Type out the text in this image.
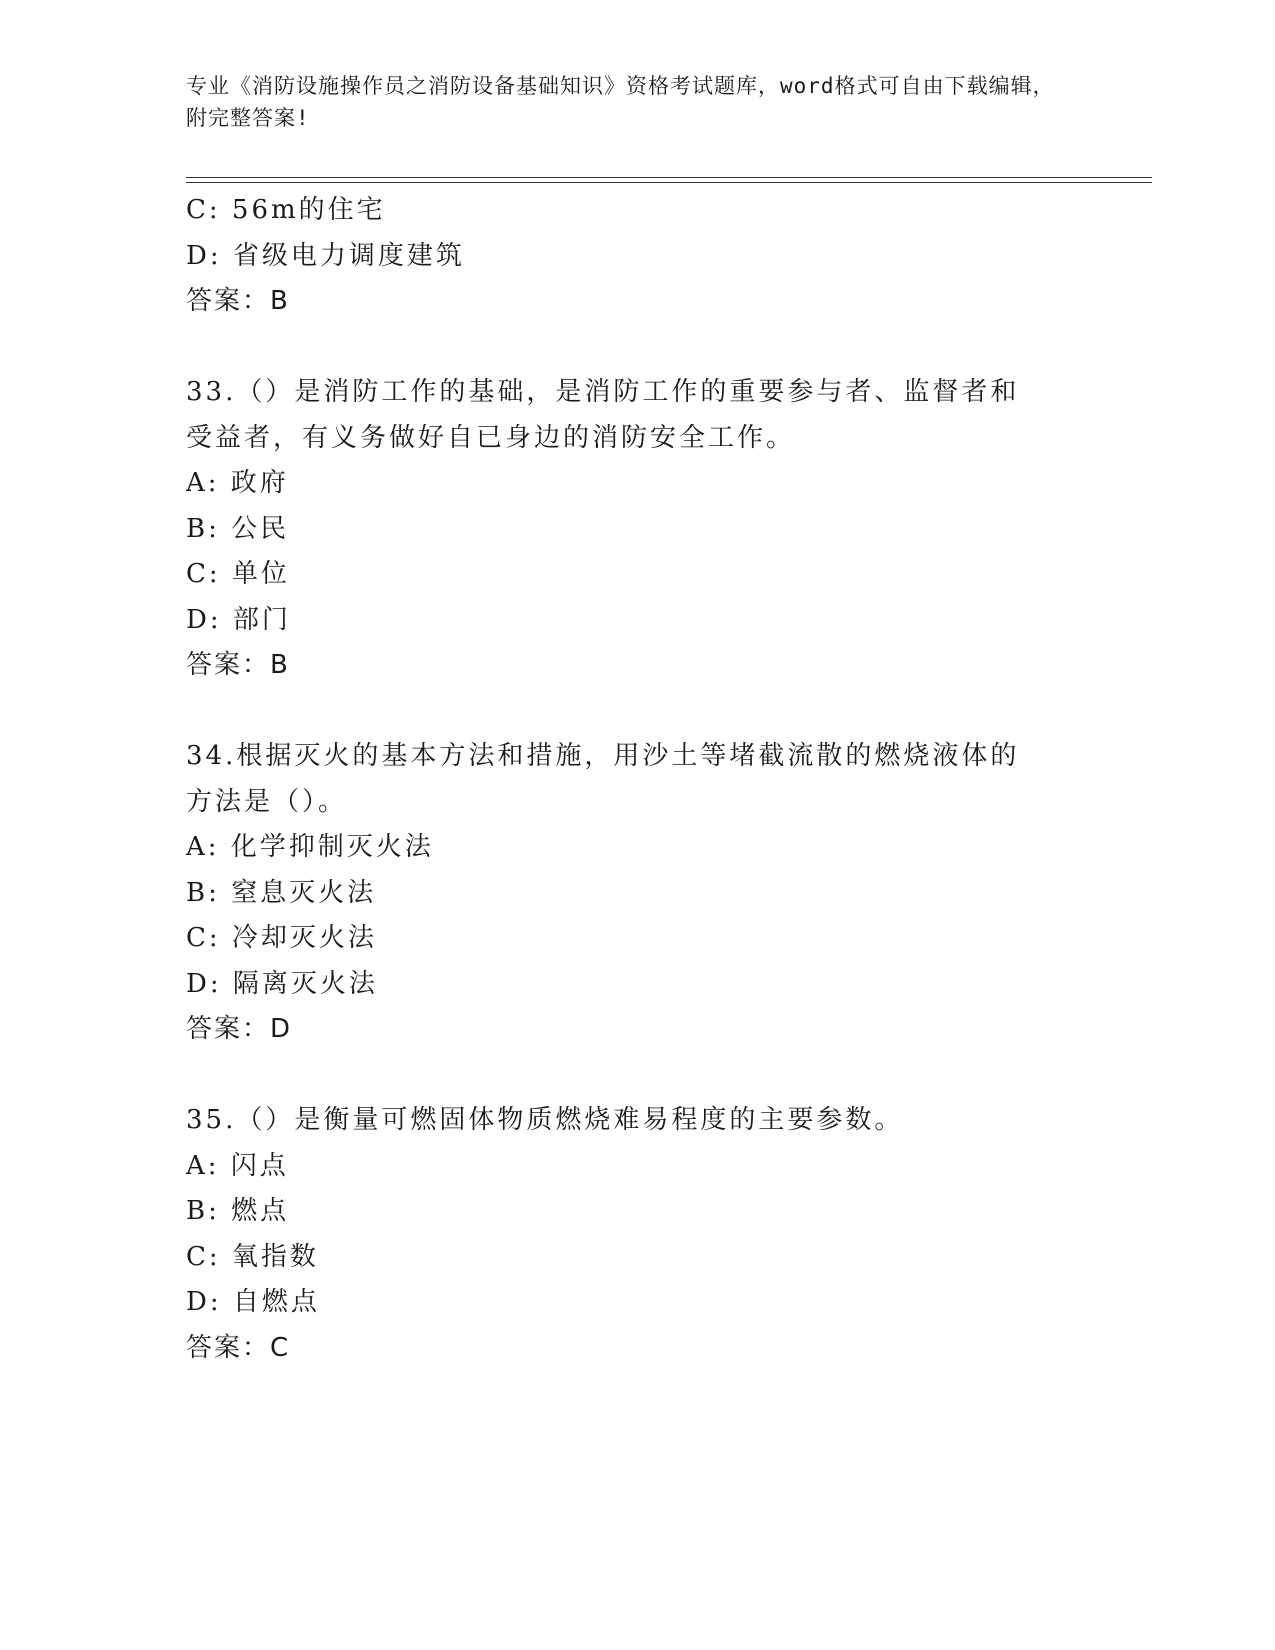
专业《消防设施操作员之消防设备基础知识》资格考试题库，word格式可自由下载编辑，附完整答案!
C: 56m的住宅
D: 省级电力调度建筑
答案：B
33.（）是消防工作的基础，是消防工作的重要参与者、监督者和受益者，有义务做好自已身边的消防安全工作。
A: 政府
B: 公民
C: 单位
D: 部门
答案：B
34.根据灭火的基本方法和措施，用沙土等堵截流散的燃烧液体的方法是（）。
A: 化学抑制灭火法
B: 窒息灭火法
C: 冷却灭火法
D: 隔离灭火法
答案：D
35.（）是衡量可燃固体物质燃烧难易程度的主要参数。
A: 闪点
B: 燃点
C: 氧指数
D: 自燃点
答案：C
